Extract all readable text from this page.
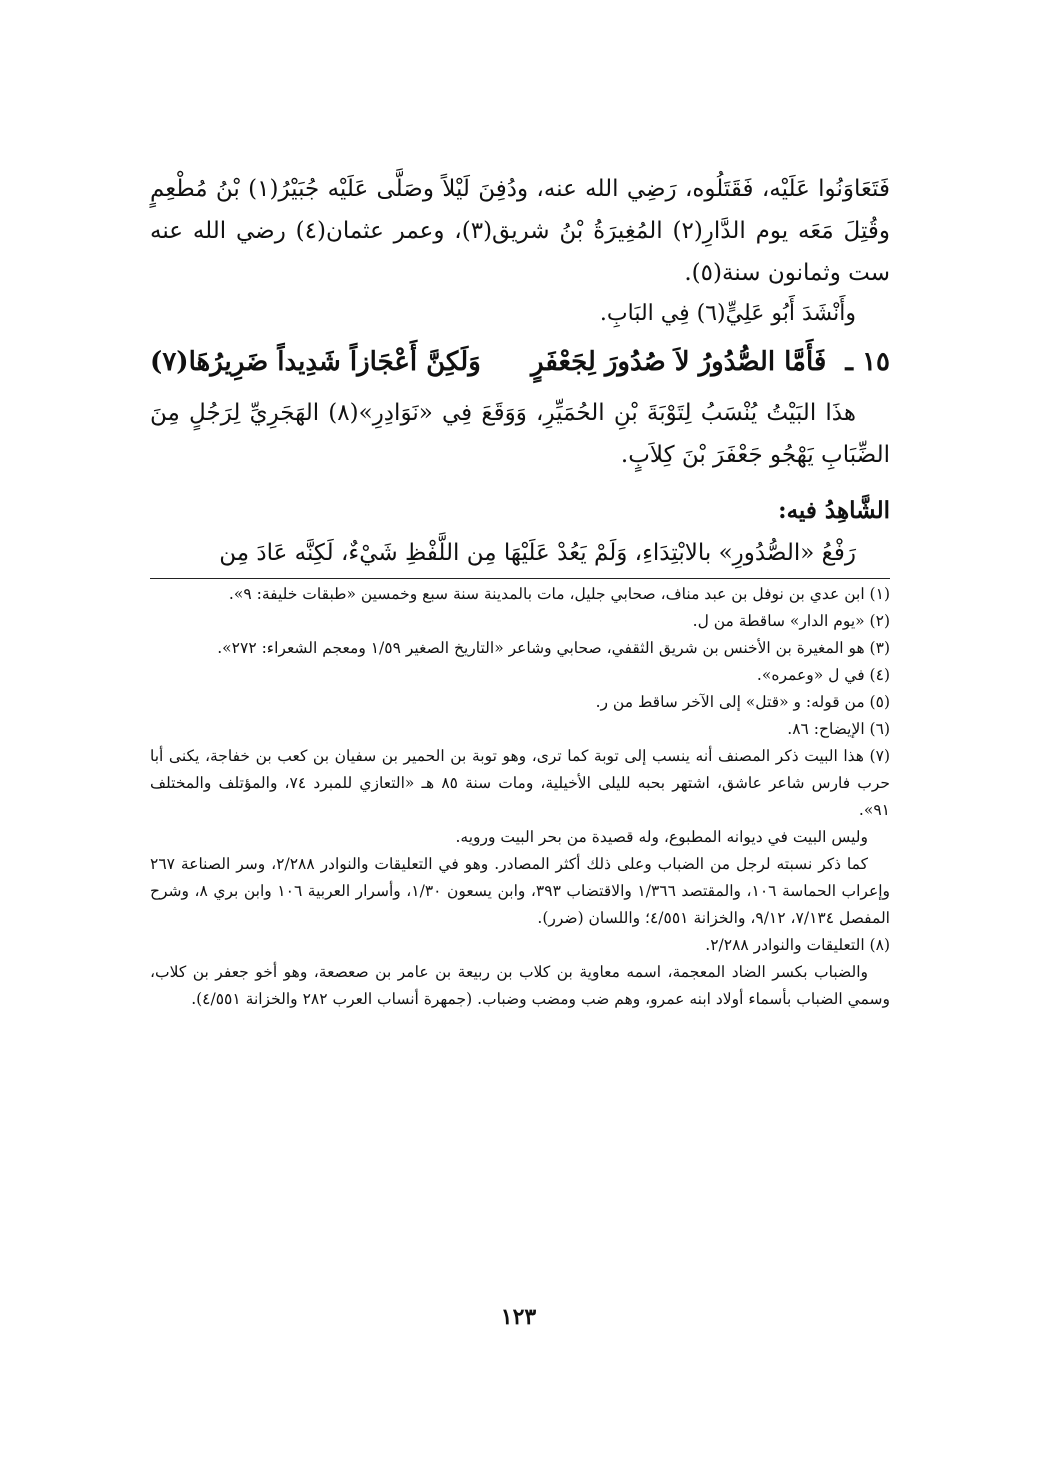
فَتَعَاوَنُوا عَلَيْه، فَقَتَلُوه، رَضِي الله عنه، ودُفِنَ لَيْلاً وصَلَّى عَلَيْه جُبَيْرُ(١) بْنُ مُطْعِمٍ وقُتِلَ مَعَه يوم الدَّارِ(٢) المُغِيرَةُ بْنُ شريق(٣)، وعمر عثمان(٤) رضي الله عنه ست وثمانون سنة(٥).

وأَنْشَدَ أَبُو عَلِيٍّ(٦) فِي البَابِ.

١٥ ـ فَأَمَّا الصُّدُورُ لاَ صُدُورَ لِجَعْفَرٍ
وَلَكِنَّ أَعْجَازاً شَدِيداً ضَرِيرُهَا(٧)

هذَا البَيْتُ يُنْسَبُ لِتَوْبَةَ بْنِ الحُمَيِّرِ، وَوَقَعَ فِي «نَوَادِرِ»(٨) الهَجَرِيِّ لِرَجُلٍ مِنَ الضِّبَابِ يَهْجُو جَعْفَرَ بْنَ كِلاَبٍ.

الشَّاهِدُ فيه:

رَفْعُ «الصُّدُورِ» بالابْتِدَاءِ، وَلَمْ يَعُدْ عَلَيْهَا مِن اللَّفْظِ شَيْءٌ، لَكِنَّه عَادَ مِن

(١) ابن عدي بن نوفل بن عبد مناف، صحابي جليل، مات بالمدينة سنة سبع وخمسين «طبقات خليفة: ٩».

(٢) «يوم الدار» ساقطة من ل.

(٣) هو المغيرة بن الأخنس بن شريق الثقفي، صحابي وشاعر «التاريخ الصغير ١/٥٩ ومعجم الشعراء: ٢٧٢».

(٤) في ل «وعمره».

(٥) من قوله: و «قتل» إلى الآخر ساقط من ر.

(٦) الإيضاح: ٨٦.

(٧) هذا البيت ذكر المصنف أنه ينسب إلى توبة كما ترى، وهو توبة بن الحمير بن سفيان بن كعب بن خفاجة، يكنى أبا حرب فارس شاعر عاشق، اشتهر بحبه لليلى الأخيلية، ومات سنة ٨٥ هـ «التعازي للمبرد ٧٤، والمؤتلف والمختلف ٩١».

وليس البيت في ديوانه المطبوع، وله قصيدة من بحر البيت ورويه.

كما ذكر نسبته لرجل من الضباب وعلى ذلك أكثر المصادر. وهو في التعليقات والنوادر ٢/٢٨٨، وسر الصناعة ٢٦٧ وإعراب الحماسة ١٠٦، والمقتصد ١/٣٦٦ والاقتضاب ٣٩٣، وابن يسعون ١/٣٠، وأسرار العربية ١٠٦ وابن بري ٨، وشرح المفصل ٧/١٣٤، ٩/١٢، والخزانة ٤/٥٥١؛ واللسان (ضرر).

(٨) التعليقات والنوادر ٢/٢٨٨.

والضباب بكسر الضاد المعجمة، اسمه معاوية بن كلاب بن ربيعة بن عامر بن صعصعة، وهو أخو جعفر بن كلاب، وسمي الضباب بأسماء أولاد ابنه عمرو، وهم ضب ومضب وضباب. (جمهرة أنساب العرب ٢٨٢ والخزانة ٤/٥٥١).

١٢٣
